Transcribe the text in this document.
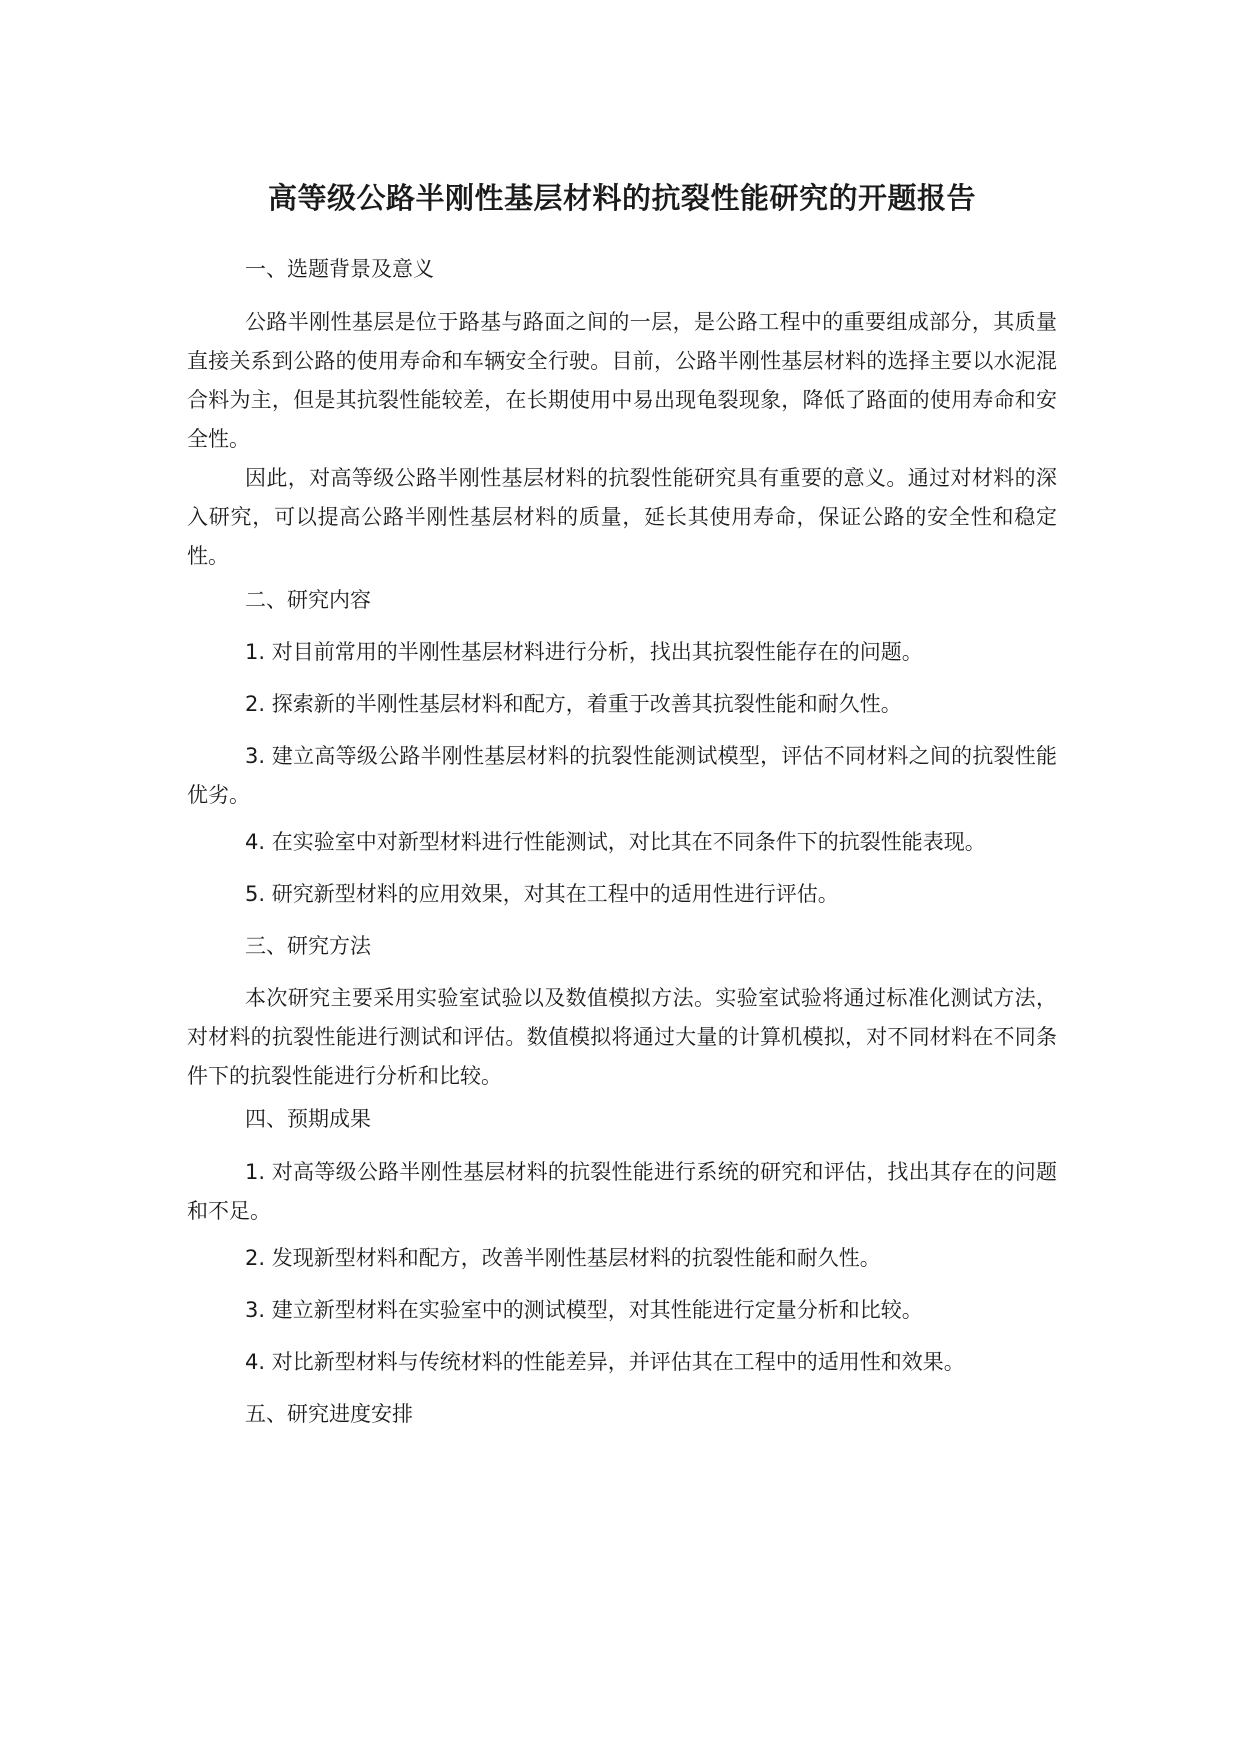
高等级公路半刚性基层材料的抗裂性能研究的开题报告
一、选题背景及意义
公路半刚性基层是位于路基与路面之间的一层，是公路工程中的重要组成部分，其质量直接关系到公路的使用寿命和车辆安全行驶。目前，公路半刚性基层材料的选择主要以水泥混合料为主，但是其抗裂性能较差，在长期使用中易出现龟裂现象，降低了路面的使用寿命和安全性。
因此，对高等级公路半刚性基层材料的抗裂性能研究具有重要的意义。通过对材料的深入研究，可以提高公路半刚性基层材料的质量，延长其使用寿命，保证公路的安全性和稳定性。
二、研究内容
1. 对目前常用的半刚性基层材料进行分析，找出其抗裂性能存在的问题。
2. 探索新的半刚性基层材料和配方，着重于改善其抗裂性能和耐久性。
3. 建立高等级公路半刚性基层材料的抗裂性能测试模型，评估不同材料之间的抗裂性能优劣。
4. 在实验室中对新型材料进行性能测试，对比其在不同条件下的抗裂性能表现。
5. 研究新型材料的应用效果，对其在工程中的适用性进行评估。
三、研究方法
本次研究主要采用实验室试验以及数值模拟方法。实验室试验将通过标准化测试方法，对材料的抗裂性能进行测试和评估。数值模拟将通过大量的计算机模拟，对不同材料在不同条件下的抗裂性能进行分析和比较。
四、预期成果
1. 对高等级公路半刚性基层材料的抗裂性能进行系统的研究和评估，找出其存在的问题和不足。
2. 发现新型材料和配方，改善半刚性基层材料的抗裂性能和耐久性。
3. 建立新型材料在实验室中的测试模型，对其性能进行定量分析和比较。
4. 对比新型材料与传统材料的性能差异，并评估其在工程中的适用性和效果。
五、研究进度安排
